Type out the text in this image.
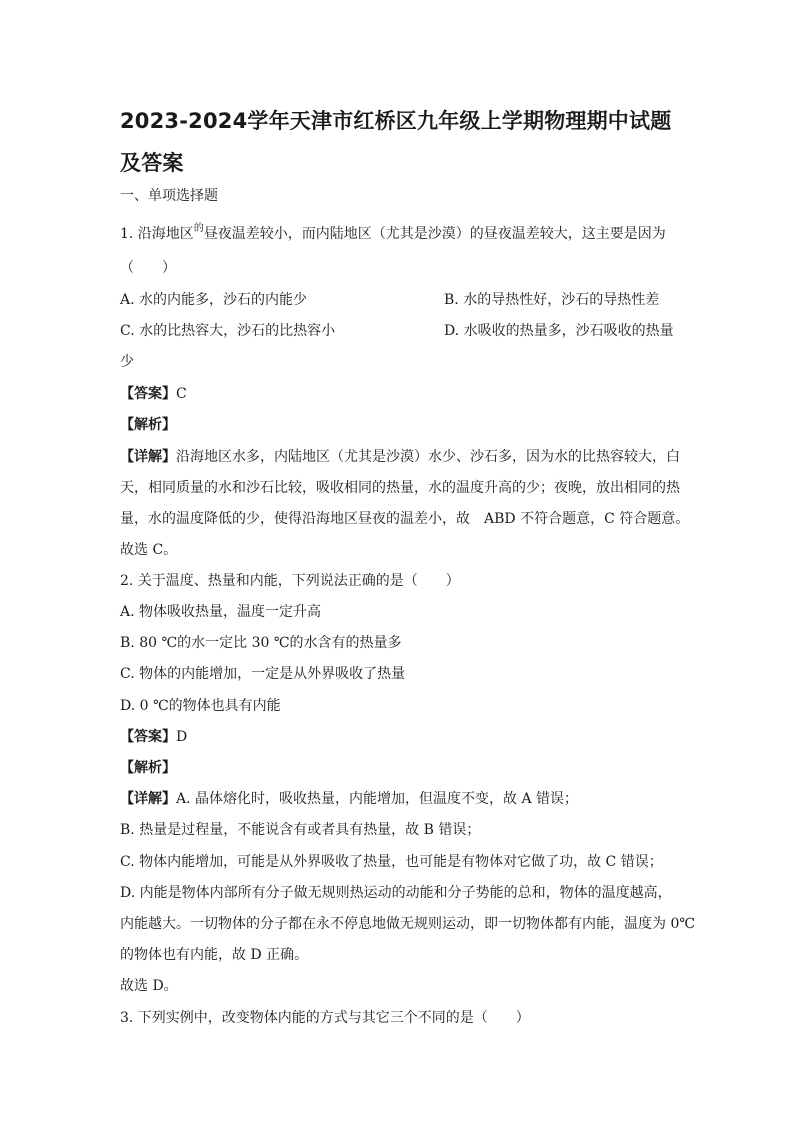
2023-2024学年天津市红桥区九年级上学期物理期中试题及答案
一、单项选择题
1. 沿海地区$^的$昼夜温差较小，而内陆地区（尤其是沙漠）的昼夜温差较大，这主要是因为
（　　）
A. 水的内能多，沙石的内能少	B. 水的导热性好，沙石的导热性差
C. 水的比热容大，沙石的比热容小	D. 水吸收的热量多，沙石吸收的热量
少
【答案】C
【解析】
【详解】沿海地区水多，内陆地区（尤其是沙漠）水少、沙石多，因为水的比热容较大，白
天，相同质量的水和沙石比较，吸收相同的热量，水的温度升高的少；夜晚，放出相同的热
量，水的温度降低的少，使得沿海地区昼夜的温差小，故　ABD 不符合题意，C 符合题意。
故选 C。
2. 关于温度、热量和内能，下列说法正确的是（　　）
A. 物体吸收热量，温度一定升高
B. 80 ℃的水一定比 30 ℃的水含有的热量多
C. 物体的内能增加，一定是从外界吸收了热量
D. 0 ℃的物体也具有内能
【答案】D
【解析】
【详解】A. 晶体熔化时，吸收热量，内能增加，但温度不变，故 A 错误；
B. 热量是过程量，不能说含有或者具有热量，故 B 错误；
C. 物体内能增加，可能是从外界吸收了热量，也可能是有物体对它做了功，故 C 错误；
D. 内能是物体内部所有分子做无规则热运动的动能和分子势能的总和，物体的温度越高，
内能越大。一切物体的分子都在永不停息地做无规则运动，即一切物体都有内能，温度为 0℃
的物体也有内能，故 D 正确。
故选 D。
3. 下列实例中，改变物体内能的方式与其它三个不同的是（　　）
